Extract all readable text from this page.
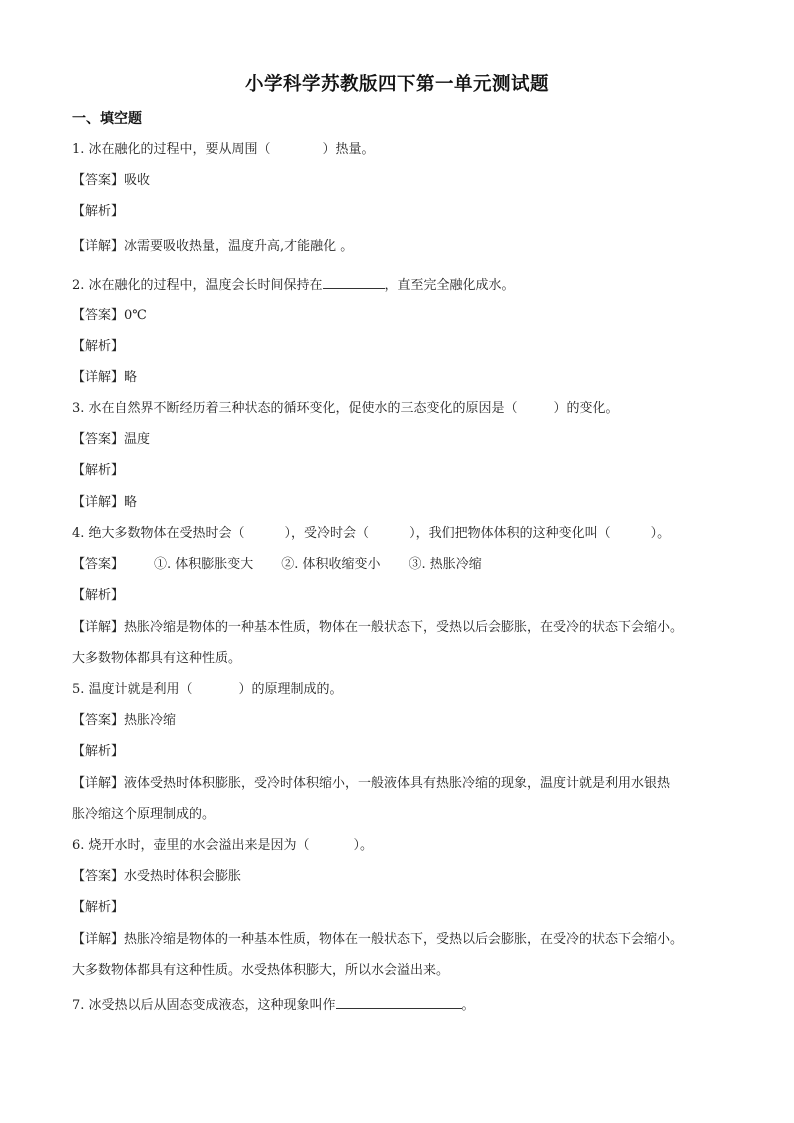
小学科学苏教版四下第一单元测试题
一、填空题
1. 冰在融化的过程中，要从周围（	）热量。
【答案】吸收
【解析】
【详解】冰需要吸收热量，温度升高,才能融化 。
2. 冰在融化的过程中，温度会长时间保持在	，直至完全融化成水。
【答案】0℃
【解析】
【详解】略
3. 水在自然界不断经历着三种状态的循环变化，促使水的三态变化的原因是（	）的变化。
【答案】温度
【解析】
【详解】略
4. 绝大多数物体在受热时会（	），受冷时会（	），我们把物体体积的这种变化叫（	）。
【答案】 ①. 体积膨胀变大 ②. 体积收缩变小 ③. 热胀冷缩
【解析】
【详解】热胀冷缩是物体的一种基本性质，物体在一般状态下，受热以后会膨胀，在受冷的状态下会缩小。
大多数物体都具有这种性质。
5. 温度计就是利用（	）的原理制成的。
【答案】热胀冷缩
【解析】
【详解】液体受热时体积膨胀，受冷时体积缩小，一般液体具有热胀冷缩的现象，温度计就是利用水银热
胀冷缩这个原理制成的。
6. 烧开水时，壶里的水会溢出来是因为（	）。
【答案】水受热时体积会膨胀
【解析】
【详解】热胀冷缩是物体的一种基本性质，物体在一般状态下，受热以后会膨胀，在受冷的状态下会缩小。
大多数物体都具有这种性质。水受热体积膨大，所以水会溢出来。
7. 冰受热以后从固态变成液态，这种现象叫作	。
